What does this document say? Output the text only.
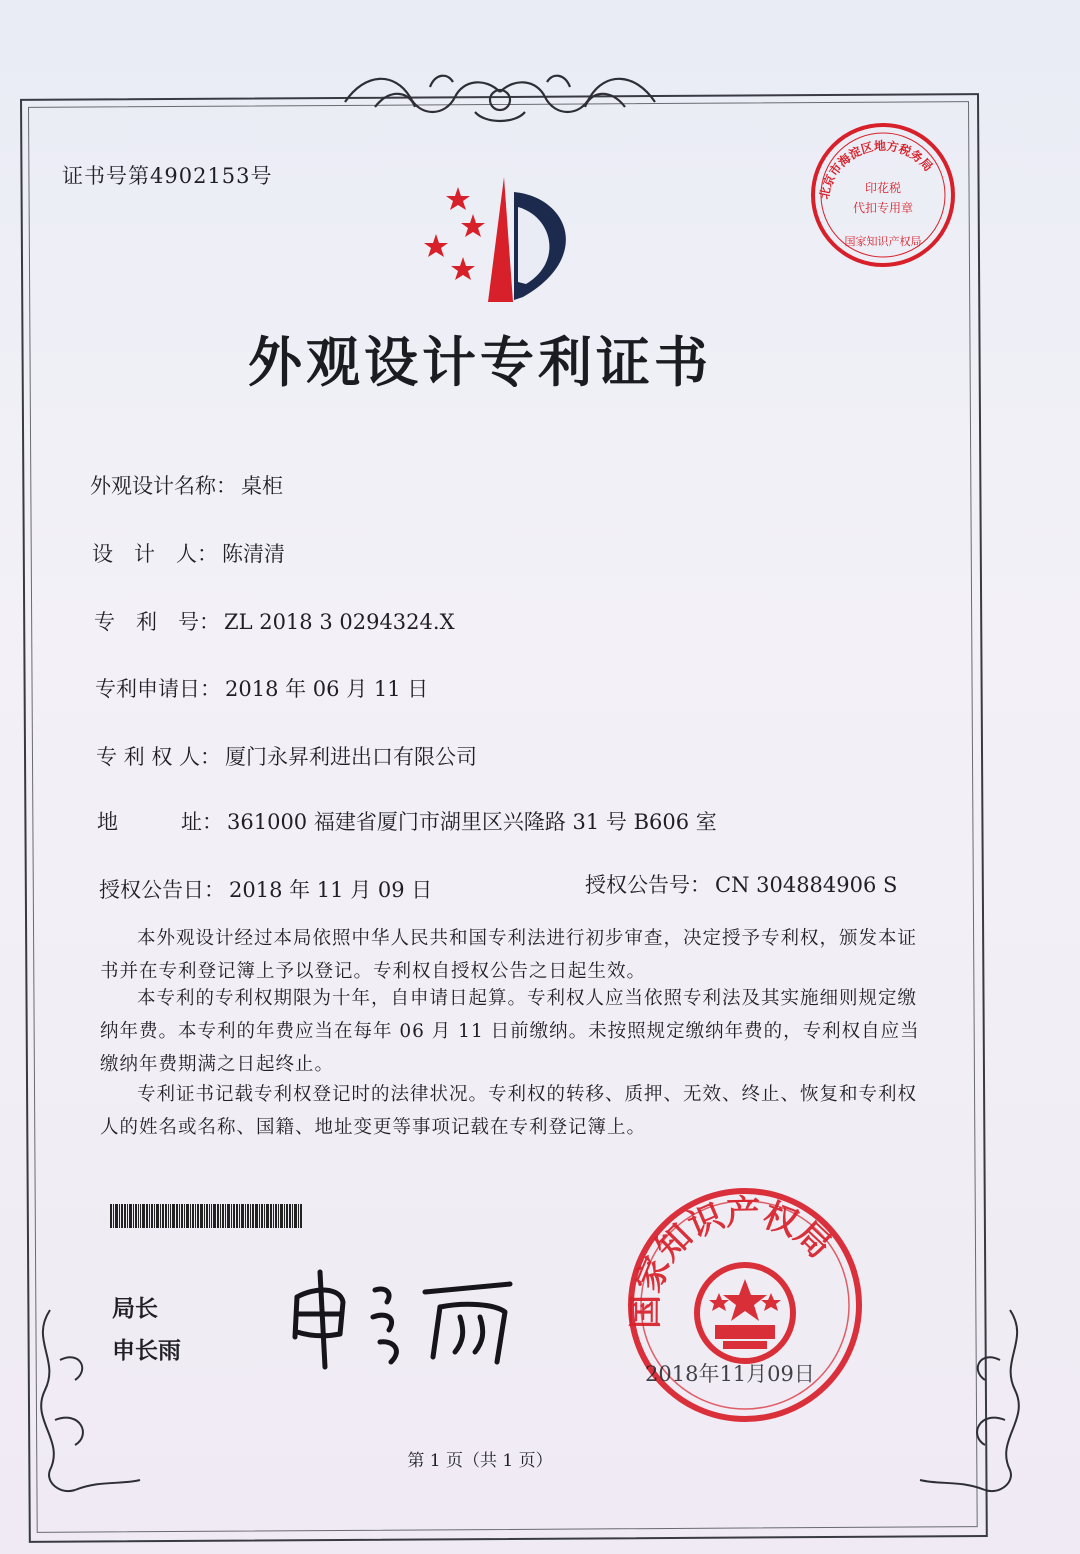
证书号第4902153号
北京市海淀区地方税务局
印花税
代扣专用章
国家知识产权局
外观设计专利证书
外观设计名称： 桌柜
设　计　人： 陈清清
专　利　号： ZL 2018 3 0294324.X
专利申请日： 2018 年 06 月 11 日
专 利 权 人： 厦门永昇利进出口有限公司
地　　　址： 361000 福建省厦门市湖里区兴隆路 31 号 B606 室
授权公告日： 2018 年 11 月 09 日	授权公告号： CN 304884906 S
本外观设计经过本局依照中华人民共和国专利法进行初步审查，决定授予专利权，颁发本证书并在专利登记簿上予以登记。专利权自授权公告之日起生效。
本专利的专利权期限为十年，自申请日起算。专利权人应当依照专利法及其实施细则规定缴纳年费。本专利的年费应当在每年 06 月 11 日前缴纳。未按照规定缴纳年费的，专利权自应当缴纳年费期满之日起终止。
专利证书记载专利权登记时的法律状况。专利权的转移、质押、无效、终止、恢复和专利权人的姓名或名称、国籍、地址变更等事项记载在专利登记簿上。
局长
申长雨
国家知识产权局
2018年11月09日
第 1 页（共 1 页）
